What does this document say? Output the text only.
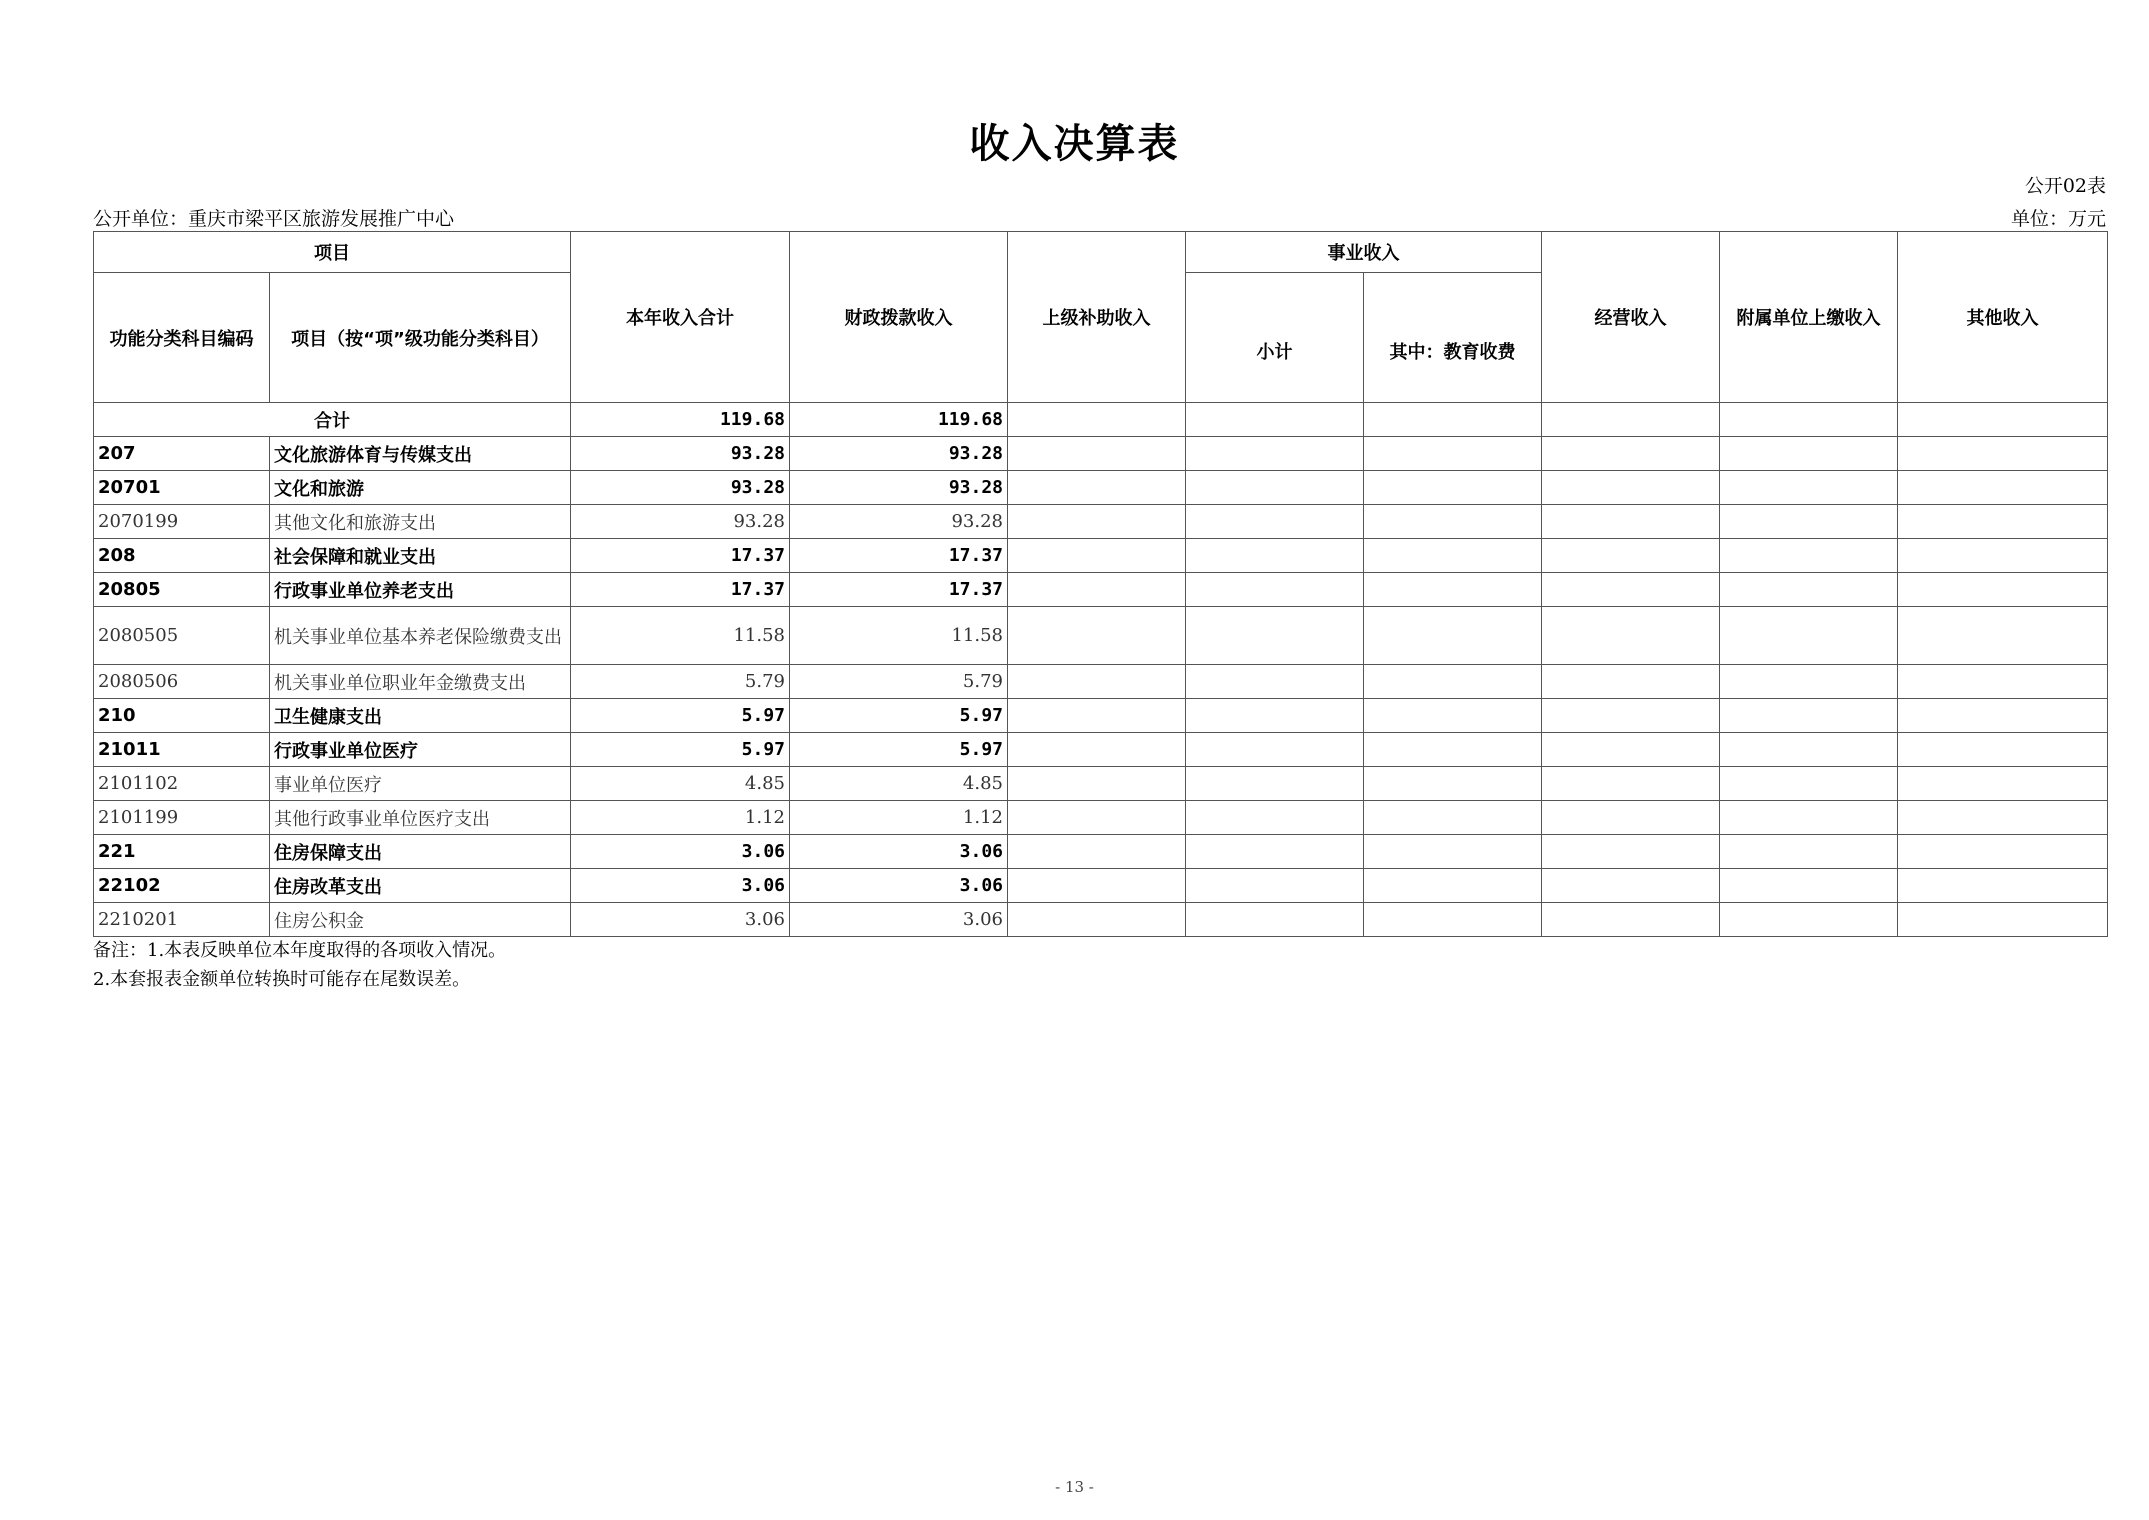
收入决算表
公开02表
公开单位：重庆市梁平区旅游发展推广中心	单位：万元
项目		本年收入合计	财政拨款收入	上级补助收入	事业收入		经营收入	附属单位上缴收入	其他收入
功能分类科目编码	项目（按“项”级功能分类科目）				小计	其中：教育收费			
合计		119.68	119.68						
207	文化旅游体育与传媒支出	93.28	93.28						
20701	文化和旅游	93.28	93.28						
2070199	其他文化和旅游支出	93.28	93.28						
208	社会保障和就业支出	17.37	17.37						
20805	行政事业单位养老支出	17.37	17.37						
2080505	机关事业单位基本养老保险缴费支出	11.58	11.58						
2080506	机关事业单位职业年金缴费支出	5.79	5.79						
210	卫生健康支出	5.97	5.97						
21011	行政事业单位医疗	5.97	5.97						
2101102	事业单位医疗	4.85	4.85						
2101199	其他行政事业单位医疗支出	1.12	1.12						
221	住房保障支出	3.06	3.06						
22102	住房改革支出	3.06	3.06						
2210201	住房公积金	3.06	3.06						
备注：1.本表反映单位本年度取得的各项收入情况。
2.本套报表金额单位转换时可能存在尾数误差。
- 13 -
